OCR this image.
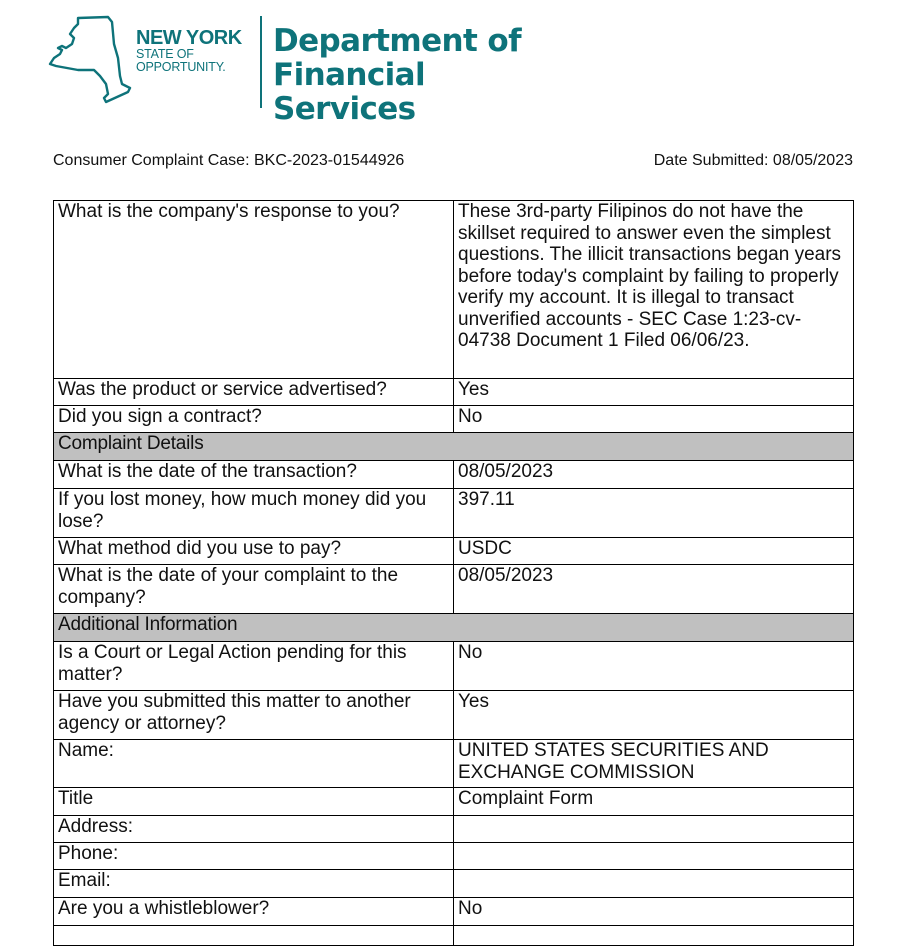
NEW YORK
STATE OF
OPPORTUNITY.
Department of
Financial Services
Consumer Complaint Case: BKC-2023-01544926	Date Submitted: 08/05/2023
What is the company's response to you?	These 3rd-party Filipinos do not have the skillset required to answer even the simplest questions. The illicit transactions began years before today's complaint by failing to properly verify my account. It is illegal to transact unverified accounts - SEC Case 1:23-cv-04738 Document 1 Filed 06/06/23.
Was the product or service advertised?	Yes
Did you sign a contract?	No
Complaint Details	
What is the date of the transaction?	08/05/2023
If you lost money, how much money did you lose?	397.11
What method did you use to pay?	USDC
What is the date of your complaint to the company?	08/05/2023
Additional Information	
Is a Court or Legal Action pending for this matter?	No
Have you submitted this matter to another agency or attorney?	Yes
Name:	UNITED STATES SECURITIES AND EXCHANGE COMMISSION
Title	Complaint Form
Address:	
Phone:	
Email:	
Are you a whistleblower?	No
